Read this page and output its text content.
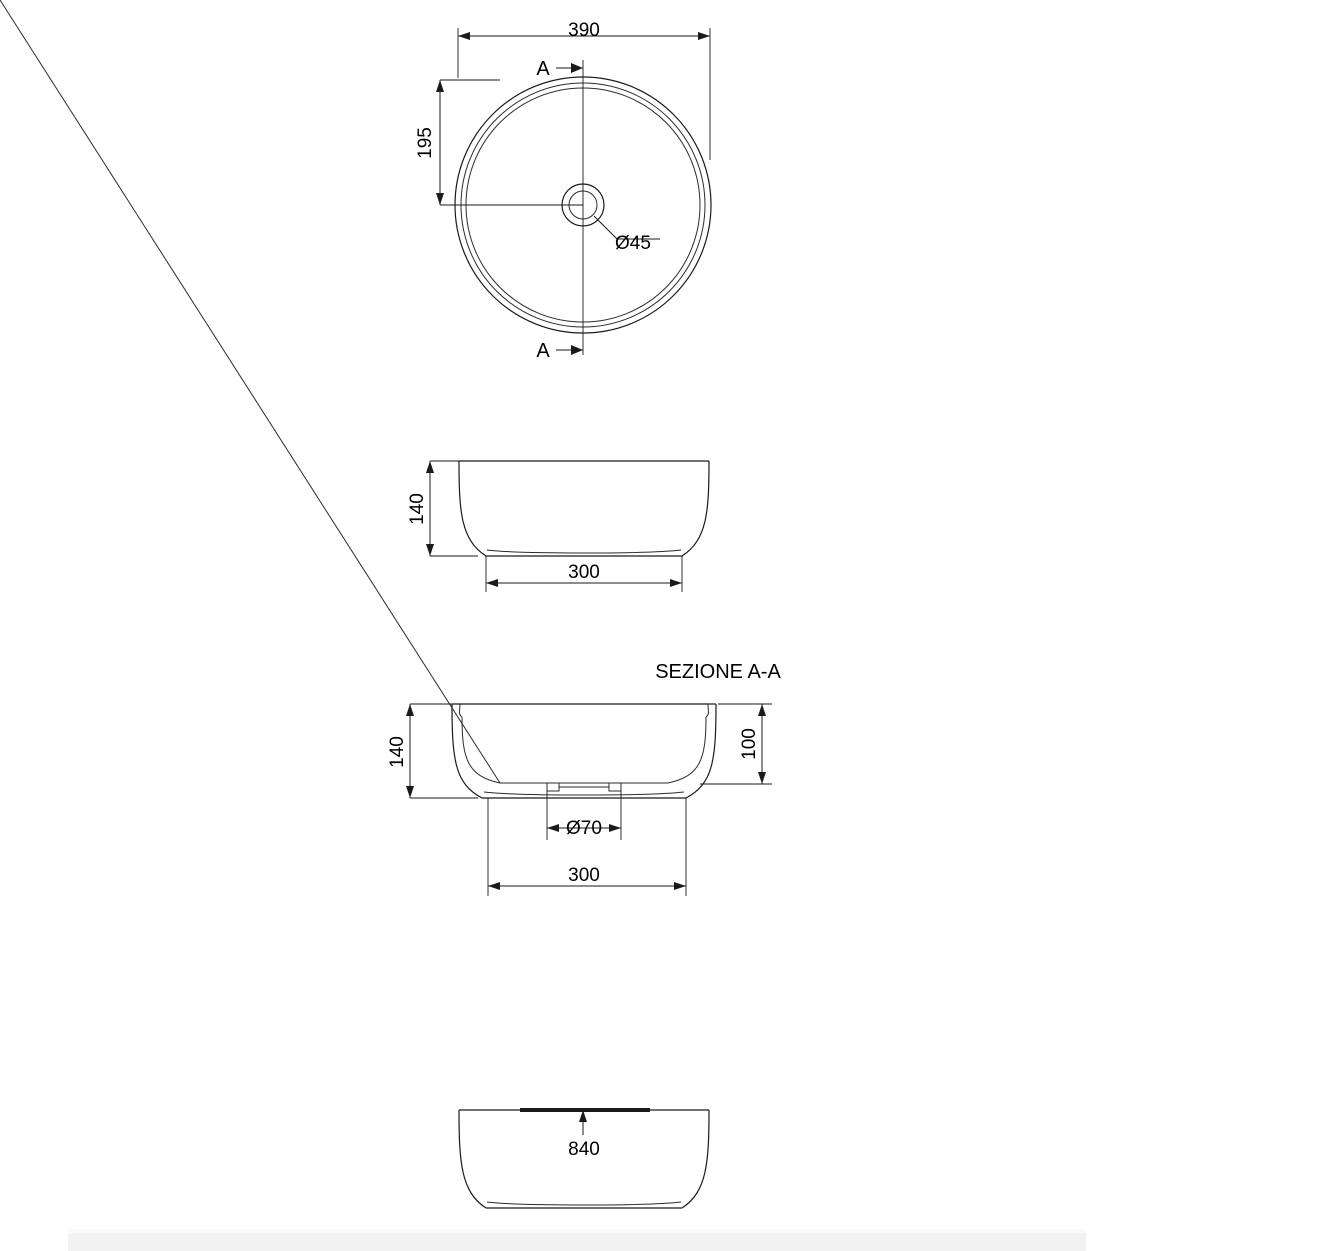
390
195
Ø45
A
A
140
300
SEZIONE A-A
140	100
Ø70
300
840
